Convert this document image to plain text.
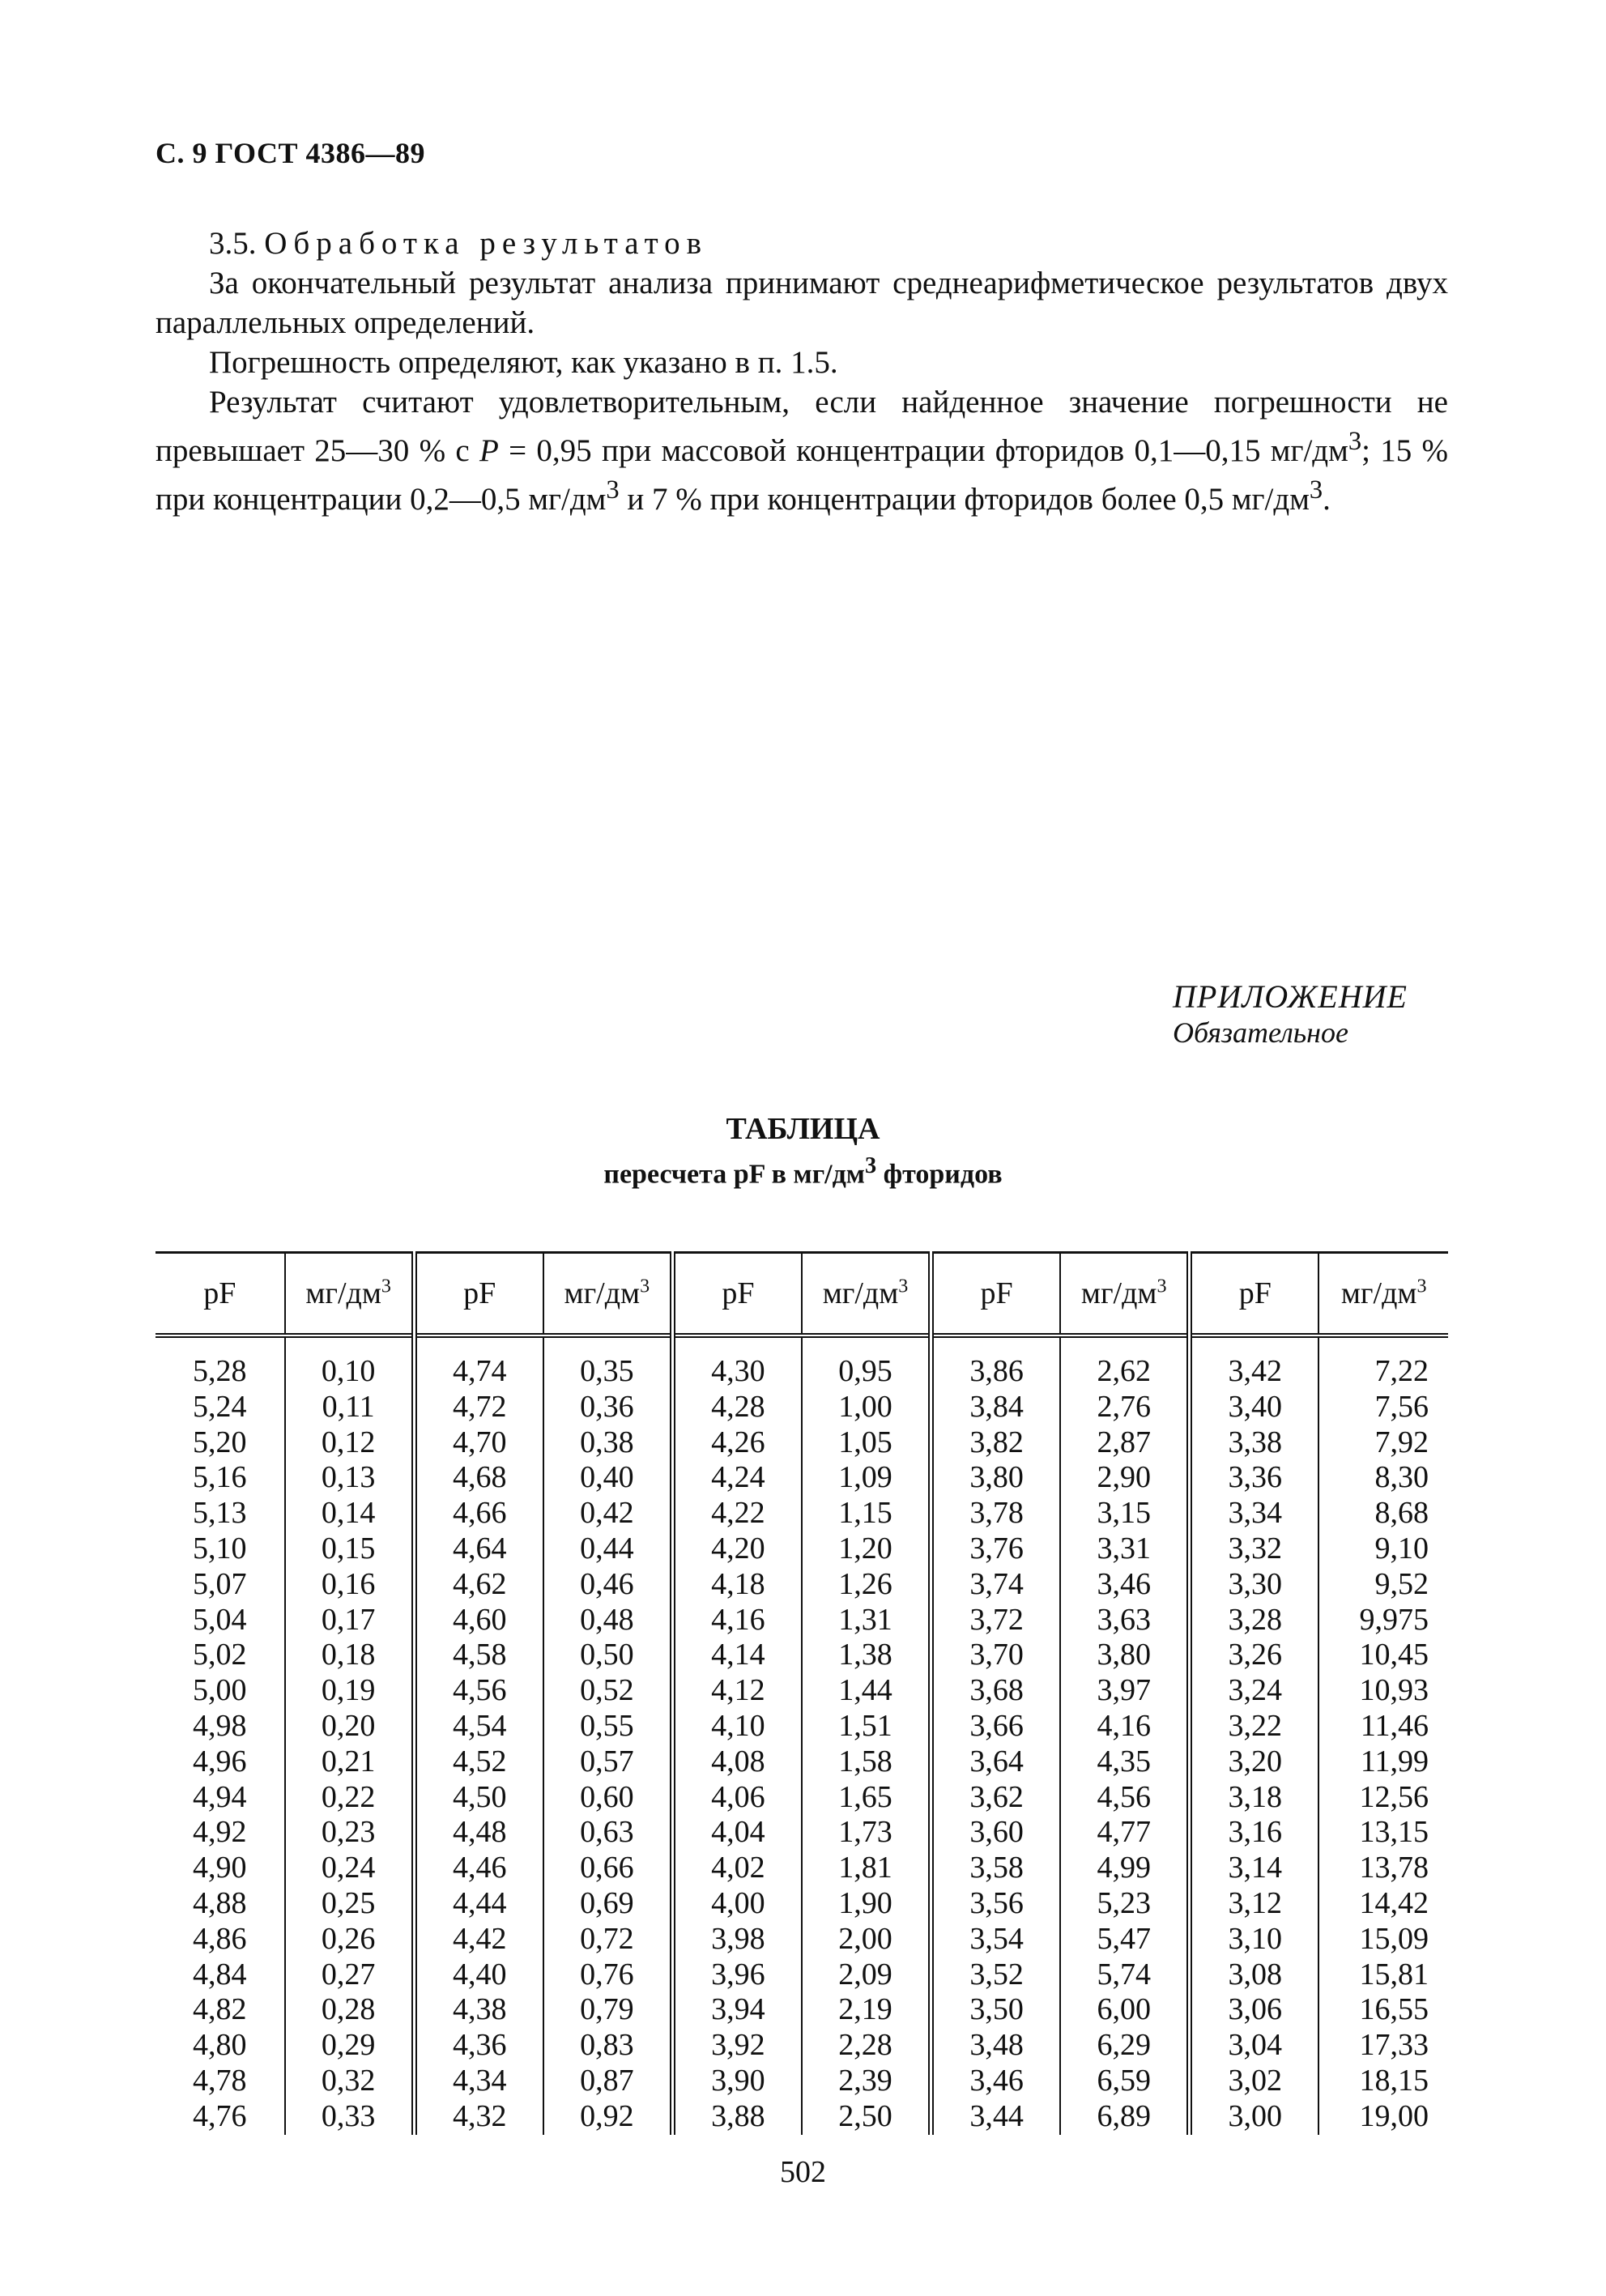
С. 9 ГОСТ 4386—89

3.5. Обработка результатов

За окончательный результат анализа принимают среднеарифметическое результатов двух параллельных определений.

Погрешность определяют, как указано в п. 1.5.

Результат считают удовлетворительным, если найденное значение погрешности не превышает 25—30 % с P = 0,95 при массовой концентрации фторидов 0,1—0,15 $мг/дм^3$; 15 % при концентрации 0,2—0,5 $мг/дм^3$ и 7 % при концентрации фторидов более 0,5 $мг/дм^3$.

ПРИЛОЖЕНИЕ
Обязательное
ТАБЛИЦА
пересчета pF в $мг/дм^3$ фторидов
pF	$мг/дм^3$	pF	$мг/дм^3$	pF	$мг/дм^3$	pF	$мг/дм^3$	pF	$мг/дм^3$
5,28	0,10	4,74	0,35	4,30	0,95	3,86	2,62	3,42	7,22
5,24	0,11	4,72	0,36	4,28	1,00	3,84	2,76	3,40	7,56
5,20	0,12	4,70	0,38	4,26	1,05	3,82	2,87	3,38	7,92
5,16	0,13	4,68	0,40	4,24	1,09	3,80	2,90	3,36	8,30
5,13	0,14	4,66	0,42	4,22	1,15	3,78	3,15	3,34	8,68
5,10	0,15	4,64	0,44	4,20	1,20	3,76	3,31	3,32	9,10
5,07	0,16	4,62	0,46	4,18	1,26	3,74	3,46	3,30	9,52
5,04	0,17	4,60	0,48	4,16	1,31	3,72	3,63	3,28	9,975
5,02	0,18	4,58	0,50	4,14	1,38	3,70	3,80	3,26	10,45
5,00	0,19	4,56	0,52	4,12	1,44	3,68	3,97	3,24	10,93
4,98	0,20	4,54	0,55	4,10	1,51	3,66	4,16	3,22	11,46
4,96	0,21	4,52	0,57	4,08	1,58	3,64	4,35	3,20	11,99
4,94	0,22	4,50	0,60	4,06	1,65	3,62	4,56	3,18	12,56
4,92	0,23	4,48	0,63	4,04	1,73	3,60	4,77	3,16	13,15
4,90	0,24	4,46	0,66	4,02	1,81	3,58	4,99	3,14	13,78
4,88	0,25	4,44	0,69	4,00	1,90	3,56	5,23	3,12	14,42
4,86	0,26	4,42	0,72	3,98	2,00	3,54	5,47	3,10	15,09
4,84	0,27	4,40	0,76	3,96	2,09	3,52	5,74	3,08	15,81
4,82	0,28	4,38	0,79	3,94	2,19	3,50	6,00	3,06	16,55
4,80	0,29	4,36	0,83	3,92	2,28	3,48	6,29	3,04	17,33
4,78	0,32	4,34	0,87	3,90	2,39	3,46	6,59	3,02	18,15
4,76	0,33	4,32	0,92	3,88	2,50	3,44	6,89	3,00	19,00
502
